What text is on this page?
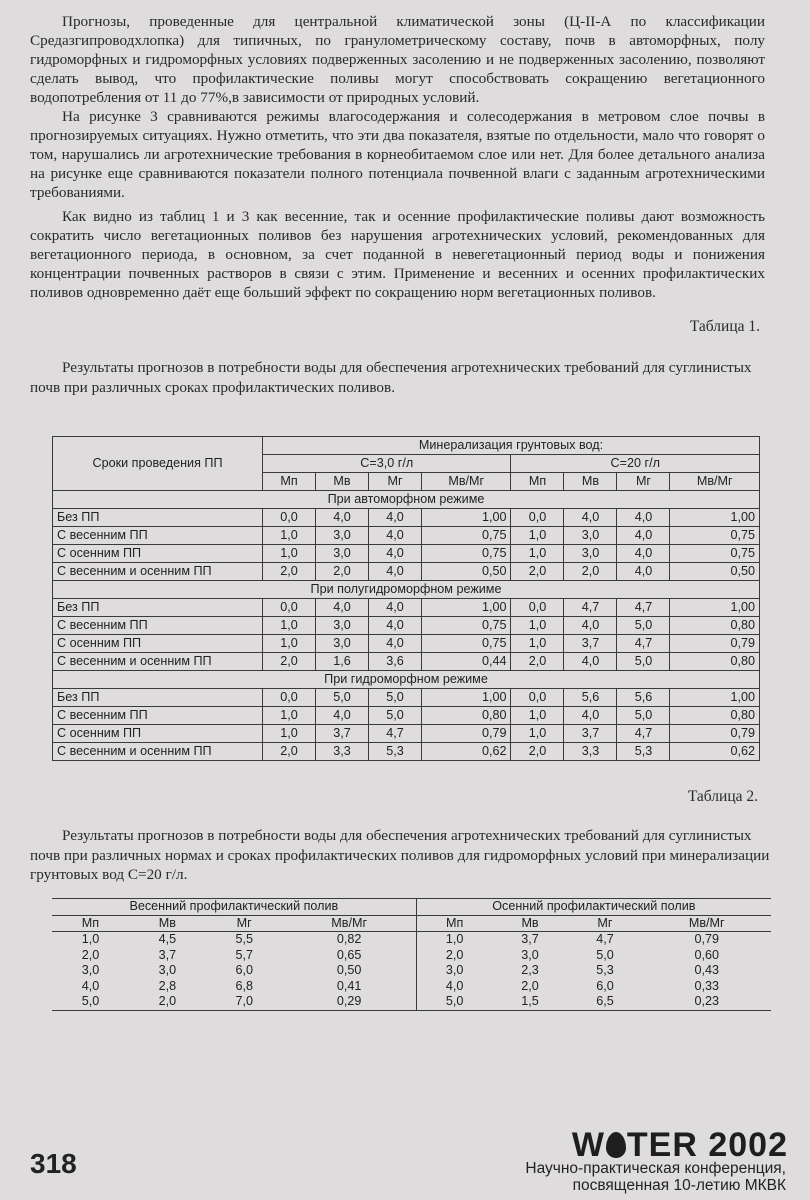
Прогнозы, проведенные для центральной климатической зоны (Ц-II-А по классификации Средазгипроводхлопка) для типичных, по гранулометрическому составу, почв в автоморфных, полу гидроморфных и гидроморфных условиях подверженных засолению и не подверженных засолению, позволяют сделать вывод, что профилактические поливы могут способствовать сокращению вегетационного водопотребления от 11 до 77%,в зависимости от природных условий.

На рисунке 3 сравниваются режимы влагосодержания и солесодержания в метровом слое почвы в прогнозируемых ситуациях. Нужно отметить, что эти два показателя, взятые по отдельности, мало что говорят о том, нарушались ли агротехнические требования в корнеобитаемом слое или нет. Для более детального анализа на рисунке еще сравниваются показатели полного потенциала почвенной влаги с заданным агротехническими требованиями.

Как видно из таблиц 1 и 3 как весенние, так и осенние профилактические поливы дают возможность сократить число вегетационных поливов без нарушения агротехнических условий, рекомендованных для вегетационного периода, в основном, за счет поданной в невегетационный период воды и понижения концентрации почвенных растворов в связи с этим. Применение и весенних и осенних профилактических поливов одновременно даёт еще больший эффект по сокращению норм вегетационных поливов.

Таблица 1.

Результаты прогнозов в потребности воды для обеспечения агротехнических требований для суглинистых почв при различных сроках профилактических поливов.

Сроки проведения ПП	Минерализация грунтовых вод:							
	C=3,0 г/л				C=20 г/л			
	Мп	Мв	Мг	Мв/Мг	Мп	Мв	Мг	Мв/Мг
При автоморфном режиме								
Без ПП	0,0	4,0	4,0	1,00	0,0	4,0	4,0	1,00
С весенним ПП	1,0	3,0	4,0	0,75	1,0	3,0	4,0	0,75
С осенним ПП	1,0	3,0	4,0	0,75	1,0	3,0	4,0	0,75
С весенним и осенним ПП	2,0	2,0	4,0	0,50	2,0	2,0	4,0	0,50
При полугидроморфном режиме								
Без ПП	0,0	4,0	4,0	1,00	0,0	4,7	4,7	1,00
С весенним ПП	1,0	3,0	4,0	0,75	1,0	4,0	5,0	0,80
С осенним ПП	1,0	3,0	4,0	0,75	1,0	3,7	4,7	0,79
С весенним и осенним ПП	2,0	1,6	3,6	0,44	2,0	4,0	5,0	0,80
При гидроморфном режиме								
Без ПП	0,0	5,0	5,0	1,00	0,0	5,6	5,6	1,00
С весенним ПП	1,0	4,0	5,0	0,80	1,0	4,0	5,0	0,80
С осенним ПП	1,0	3,7	4,7	0,79	1,0	3,7	4,7	0,79
С весенним и осенним ПП	2,0	3,3	5,3	0,62	2,0	3,3	5,3	0,62
Таблица 2.

Результаты прогнозов в потребности воды для обеспечения агротехнических требований для суглинистых почв при различных нормах и сроках профилактических поливов для гидроморфных условий при минерализации грунтовых вод С=20 г/л.

Весенний профилактический полив				Осенний профилактический полив			
Мп	Мв	Мг	Мв/Мг	Мп	Мв	Мг	Мв/Мг
1,0	4,5	5,5	0,82	1,0	3,7	4,7	0,79
2,0	3,7	5,7	0,65	2,0	3,0	5,0	0,60
3,0	3,0	6,0	0,50	3,0	2,3	5,3	0,43
4,0	2,8	6,8	0,41	4,0	2,0	6,0	0,33
5,0	2,0	7,0	0,29	5,0	1,5	6,5	0,23
318	W TER 2002
Научно-практическая конференция,
посвященная 10-летию МКВК
